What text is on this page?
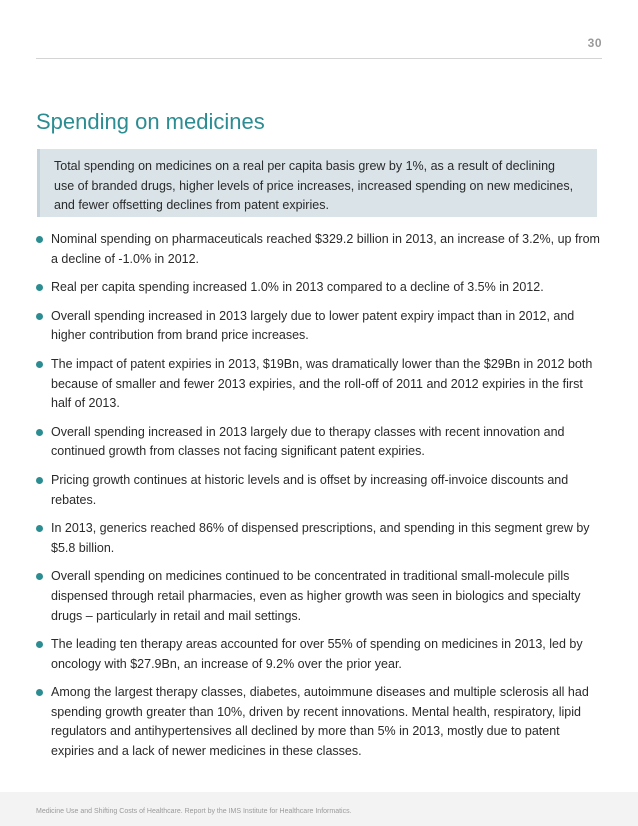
30
Spending on medicines

Total spending on medicines on a real per capita basis grew by 1%, as a result of declining use of branded drugs, higher levels of price increases, increased spending on new medicines, and fewer offsetting declines from patent expiries.

Nominal spending on pharmaceuticals reached $329.2 billion in 2013, an increase of 3.2%, up from a decline of -1.0% in 2012.
Real per capita spending increased 1.0% in 2013 compared to a decline of 3.5% in 2012.
Overall spending increased in 2013 largely due to lower patent expiry impact than in 2012, and higher contribution from brand price increases.
The impact of patent expiries in 2013, $19Bn, was dramatically lower than the $29Bn in 2012 both because of smaller and fewer 2013 expiries, and the roll-off of 2011 and 2012 expiries in the first half of 2013.
Overall spending increased in 2013 largely due to therapy classes with recent innovation and continued growth from classes not facing significant patent expiries.
Pricing growth continues at historic levels and is offset by increasing off-invoice discounts and rebates.
In 2013, generics reached 86% of dispensed prescriptions, and spending in this segment grew by $5.8 billion.
Overall spending on medicines continued to be concentrated in traditional small-molecule pills dispensed through retail pharmacies, even as higher growth was seen in biologics and specialty drugs – particularly in retail and mail settings.
The leading ten therapy areas accounted for over 55% of spending on medicines in 2013, led by oncology with $27.9Bn, an increase of 9.2% over the prior year.
Among the largest therapy classes, diabetes, autoimmune diseases and multiple sclerosis all had spending growth greater than 10%, driven by recent innovations. Mental health, respiratory, lipid regulators and antihypertensives all declined by more than 5% in 2013, mostly due to patent expiries and a lack of newer medicines in these classes.
Medicine Use and Shifting Costs of Healthcare. Report by the IMS Institute for Healthcare Informatics.
